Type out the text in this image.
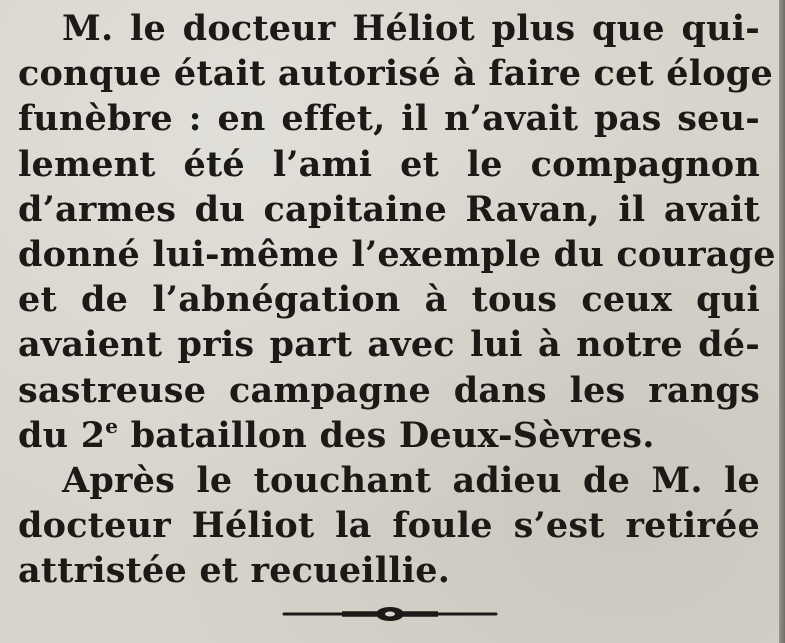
M. le docteur Héliot plus que qui-
conque était autorisé à faire cet éloge
funèbre : en effet, il n’avait pas seu-
lement été l’ami et le compagnon
d’armes du capitaine Ravan, il avait
donné lui-même l’exemple du courage
et de l’abnégation à tous ceux qui
avaient pris part avec lui à notre dé-
sastreuse campagne dans les rangs
du 2e bataillon des Deux-Sèvres.
Après le touchant adieu de M. le
docteur Héliot la foule s’est retirée
attristée et recueillie.
